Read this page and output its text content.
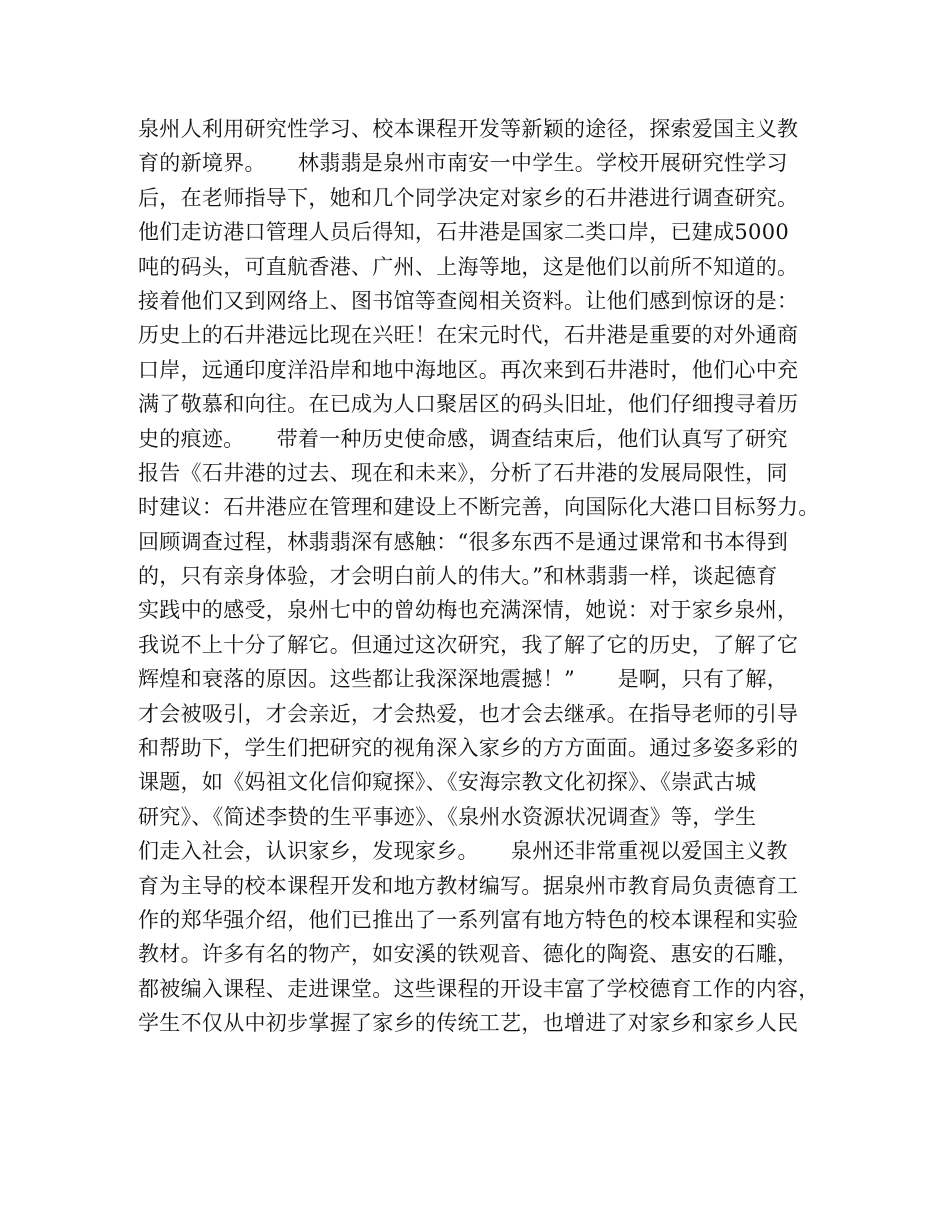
泉州人利用研究性学习、校本课程开发等新颖的途径，探索爱国主义教
育的新境界。　　林翡翡是泉州市南安一中学生。学校开展研究性学习
后，在老师指导下，她和几个同学决定对家乡的石井港进行调查研究。
他们走访港口管理人员后得知，石井港是国家二类口岸，已建成5000
吨的码头，可直航香港、广州、上海等地，这是他们以前所不知道的。
接着他们又到网络上、图书馆等查阅相关资料。让他们感到惊讶的是：
历史上的石井港远比现在兴旺！在宋元时代，石井港是重要的对外通商
口岸，远通印度洋沿岸和地中海地区。再次来到石井港时，他们心中充
满了敬慕和向往。在已成为人口聚居区的码头旧址，他们仔细搜寻着历
史的痕迹。　　带着一种历史使命感，调查结束后，他们认真写了研究
报告《石井港的过去、现在和未来》，分析了石井港的发展局限性，同
时建议：石井港应在管理和建设上不断完善，向国际化大港口目标努力。
回顾调查过程，林翡翡深有感触：“很多东西不是通过课常和书本得到
的，只有亲身体验，才会明白前人的伟大。”和林翡翡一样，谈起德育
实践中的感受，泉州七中的曾幼梅也充满深情，她说：对于家乡泉州，
我说不上十分了解它。但通过这次研究，我了解了它的历史，了解了它
辉煌和衰落的原因。这些都让我深深地震撼！”　　是啊，只有了解，
才会被吸引，才会亲近，才会热爱，也才会去继承。在指导老师的引导
和帮助下，学生们把研究的视角深入家乡的方方面面。通过多姿多彩的
课题，如《妈祖文化信仰窥探》、《安海宗教文化初探》、《崇武古城
研究》、《简述李贽的生平事迹》、《泉州水资源状况调查》等，学生
们走入社会，认识家乡，发现家乡。　　泉州还非常重视以爱国主义教
育为主导的校本课程开发和地方教材编写。据泉州市教育局负责德育工
作的郑华强介绍，他们已推出了一系列富有地方特色的校本课程和实验
教材。许多有名的物产，如安溪的铁观音、德化的陶瓷、惠安的石雕，
都被编入课程、走进课堂。这些课程的开设丰富了学校德育工作的内容，
学生不仅从中初步掌握了家乡的传统工艺，也增进了对家乡和家乡人民
